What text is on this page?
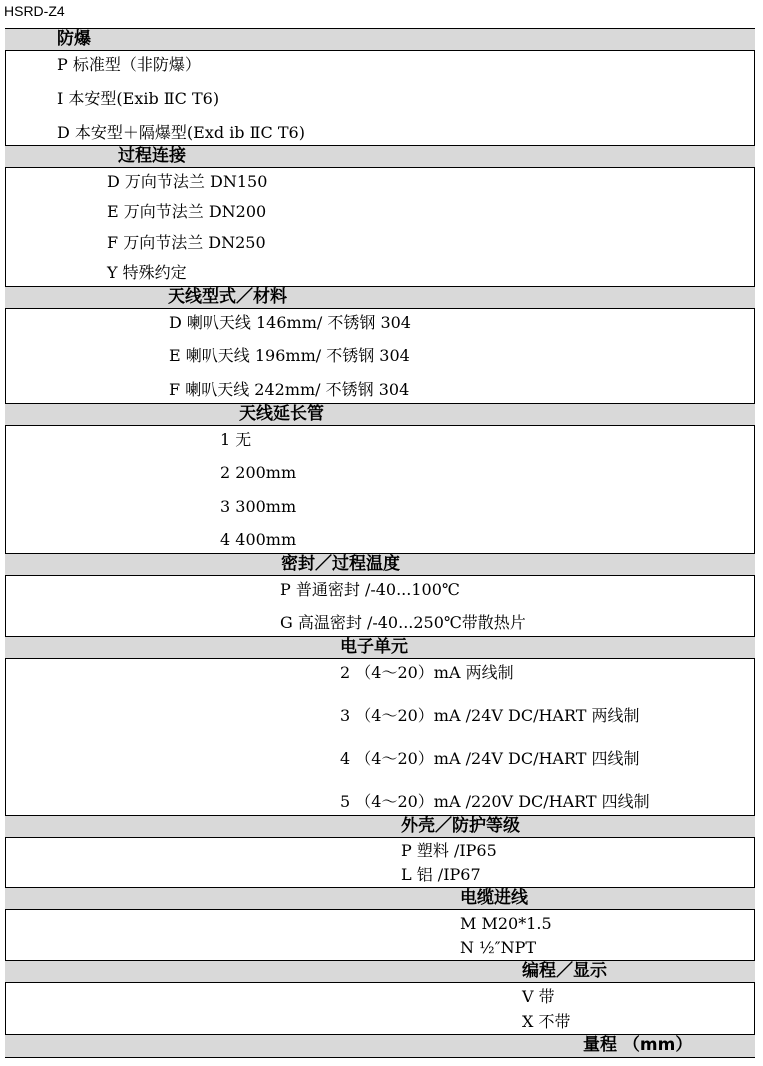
HSRD-Z4
防爆
P 标准型（非防爆）
I 本安型(Exib ⅡC T6)
D 本安型＋隔爆型(Exd ib ⅡC T6)
过程连接
D 万向节法兰 DN150
E 万向节法兰 DN200
F 万向节法兰 DN250
Y 特殊约定
天线型式／材料
D 喇叭天线 146mm/ 不锈钢 304
E 喇叭天线 196mm/ 不锈钢 304
F 喇叭天线 242mm/ 不锈钢 304
天线延长管
1 无
2 200mm
3 300mm
4 400mm
密封／过程温度
P 普通密封 /-40...100℃
G 高温密封 /-40...250℃带散热片
电子单元
2 （4～20）mA 两线制
3 （4～20）mA /24V DC/HART 两线制
4 （4～20）mA /24V DC/HART 四线制
5 （4～20）mA /220V DC/HART 四线制
外壳／防护等级
P 塑料 /IP65
L 铝 /IP67
电缆进线
M M20*1.5
N ½″NPT
编程／显示
V 带
X 不带
量程 （mm）
